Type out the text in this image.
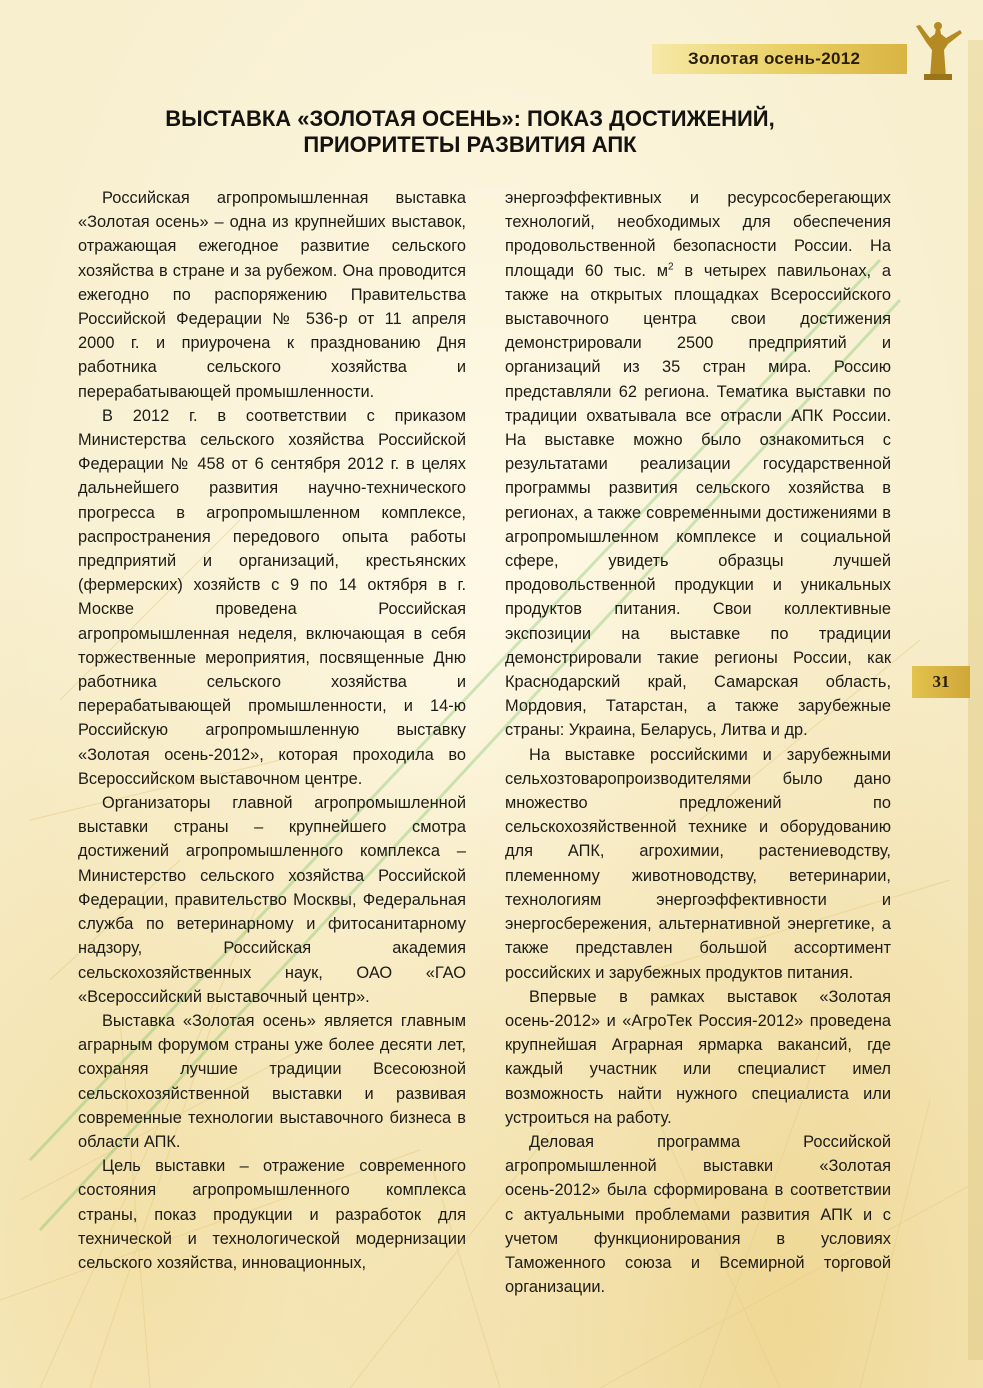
Золотая осень-2012
31
ВЫСТАВКА «ЗОЛОТАЯ ОСЕНЬ»: ПОКАЗ ДОСТИЖЕНИЙ,
ПРИОРИТЕТЫ РАЗВИТИЯ АПК

Российская агропромышленная выставка «Золотая осень» – одна из крупнейших выставок, отражающая ежегодное развитие сельского хозяйства в стране и за рубежом. Она проводится ежегодно по распоряжению Правительства Российской Федерации № 536-р от 11 апреля 2000 г. и приурочена к празднованию Дня работника сельского хозяйства и перерабатывающей промышленности.

В 2012 г. в соответствии с приказом Министерства сельского хозяйства Российской Федерации № 458 от 6 сентября 2012 г. в целях дальнейшего развития научно-технического прогресса в агропромышленном комплексе, распространения передового опыта работы предприятий и организаций, крестьянских (фермерских) хозяйств с 9 по 14 октября в г. Москве проведена Российская агропромышленная неделя, включающая в себя торжественные мероприятия, посвященные Дню работника сельского хозяйства и перерабатывающей промышленности, и 14-ю Российскую агропромышленную выставку «Золотая осень-2012», которая проходила во Всероссийском выставочном центре.

Организаторы главной агропромышленной выставки страны – крупнейшего смотра достижений агропромышленного комплекса – Министерство сельского хозяйства Российской Федерации, правительство Москвы, Федеральная служба по ветеринарному и фитосанитарному надзору, Российская академия сельскохозяйственных наук, ОАО «ГАО «Всероссийский выставочный центр».

Выставка «Золотая осень» является главным аграрным форумом страны уже более десяти лет, сохраняя лучшие традиции Всесоюзной сельскохозяйственной выставки и развивая современные технологии выставочного бизнеса в области АПК.

Цель выставки – отражение современного состояния агропромышленного комплекса страны, показ продукции и разработок для технической и технологической модернизации сельского хозяйства, инновационных,

энергоэффективных и ресурсосберегающих технологий, необходимых для обеспечения продовольственной безопасности России. На площади 60 тыс. $м^2$ в четырех павильонах, а также на открытых площадках Всероссийского выставочного центра свои достижения демонстрировали 2500 предприятий и организаций из 35 стран мира. Россию представляли 62 региона. Тематика выставки по традиции охватывала все отрасли АПК России. На выставке можно было ознакомиться с результатами реализации государственной программы развития сельского хозяйства в регионах, а также современными достижениями в агропромышленном комплексе и социальной сфере, увидеть образцы лучшей продовольственной продукции и уникальных продуктов питания. Свои коллективные экспозиции на выставке по традиции демонстрировали такие регионы России, как Краснодарский край, Самарская область, Мордовия, Татарстан, а также зарубежные страны: Украина, Беларусь, Литва и др.

На выставке российскими и зарубежными сельхозтоваропроизводителями было дано множество предложений по сельскохозяйственной технике и оборудованию для АПК, агрохимии, растениеводству, племенному животноводству, ветеринарии, технологиям энергоэффективности и энергосбережения, альтернативной энергетике, а также представлен большой ассортимент российских и зарубежных продуктов питания.

Впервые в рамках выставок «Золотая осень-2012» и «АгроТек Россия-2012» проведена крупнейшая Аграрная ярмарка вакансий, где каждый участник или специалист имел возможность найти нужного специалиста или устроиться на работу.

Деловая программа Российской агропромышленной выставки «Золотая осень-2012» была сформирована в соответствии с актуальными проблемами развития АПК и с учетом функционирования в условиях Таможенного союза и Всемирной торговой организации.
